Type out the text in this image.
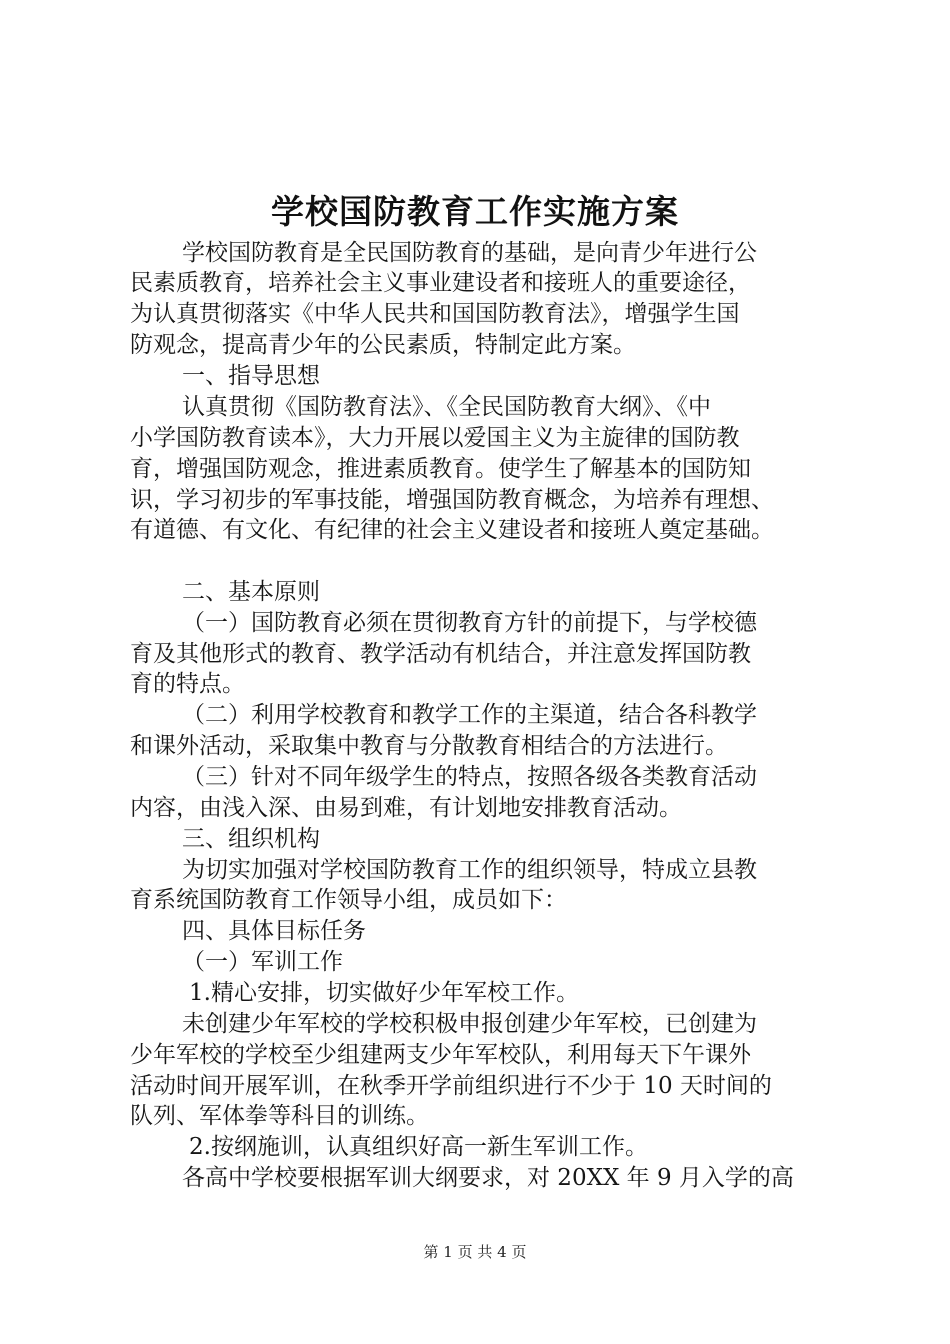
学校国防教育工作实施方案
学校国防教育是全民国防教育的基础，是向青少年进行公
民素质教育，培养社会主义事业建设者和接班人的重要途径，
为认真贯彻落实《中华人民共和国国防教育法》，增强学生国
防观念，提高青少年的公民素质，特制定此方案。
一、指导思想
认真贯彻《国防教育法》、《全民国防教育大纲》、《中
小学国防教育读本》，大力开展以爱国主义为主旋律的国防教
育，增强国防观念，推进素质教育。使学生了解基本的国防知
识，学习初步的军事技能，增强国防教育概念，为培养有理想、
有道德、有文化、有纪律的社会主义建设者和接班人奠定基础。
二、基本原则
（一）国防教育必须在贯彻教育方针的前提下，与学校德
育及其他形式的教育、教学活动有机结合，并注意发挥国防教
育的特点。
（二）利用学校教育和教学工作的主渠道，结合各科教学
和课外活动，采取集中教育与分散教育相结合的方法进行。
（三）针对不同年级学生的特点，按照各级各类教育活动
内容，由浅入深、由易到难，有计划地安排教育活动。
三、组织机构
为切实加强对学校国防教育工作的组织领导，特成立县教
育系统国防教育工作领导小组，成员如下：
四、具体目标任务
（一）军训工作
1.精心安排，切实做好少年军校工作。
未创建少年军校的学校积极申报创建少年军校，已创建为
少年军校的学校至少组建两支少年军校队，利用每天下午课外
活动时间开展军训，在秋季开学前组织进行不少于 10 天时间的
队列、军体拳等科目的训练。
2.按纲施训，认真组织好高一新生军训工作。
各高中学校要根据军训大纲要求，对 20XX 年 9 月入学的高
第 1 页 共 4 页
